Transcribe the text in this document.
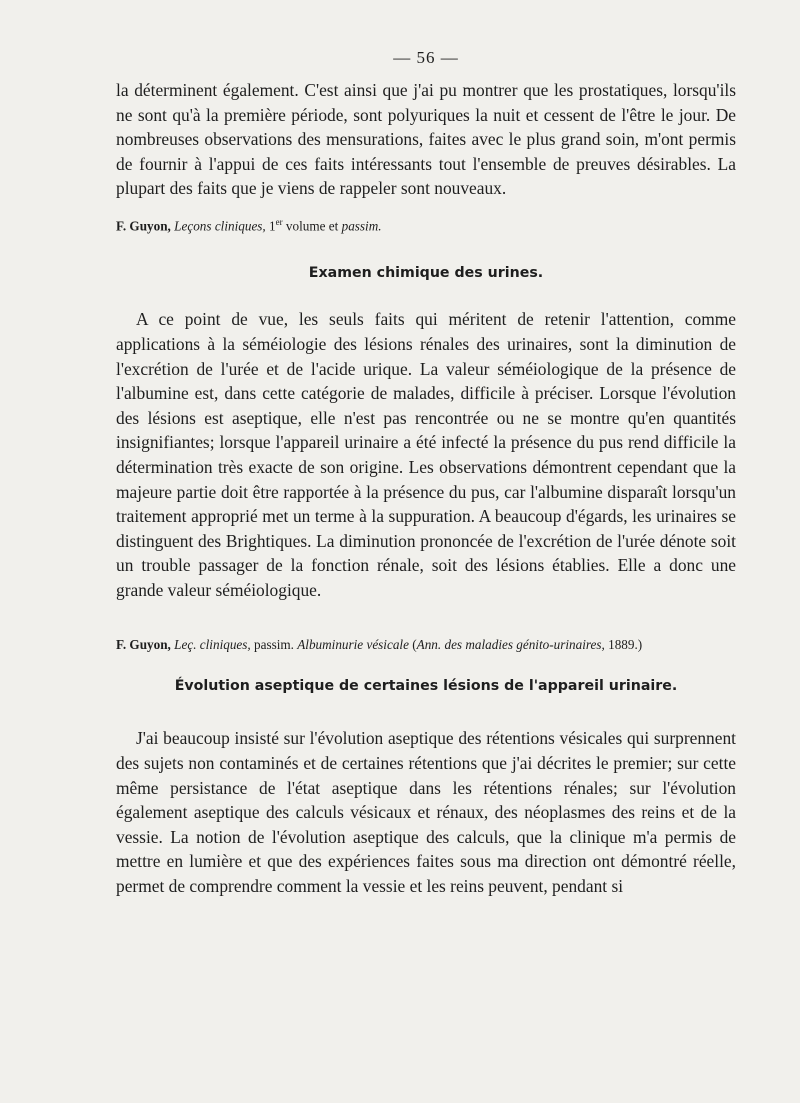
— 56 —

la déterminent également. C'est ainsi que j'ai pu montrer que les prostatiques, lorsqu'ils ne sont qu'à la première période, sont polyuriques la nuit et cessent de l'être le jour. De nombreuses observations des mensurations, faites avec le plus grand soin, m'ont permis de fournir à l'appui de ces faits intéressants tout l'ensemble de preuves désirables. La plupart des faits que je viens de rappeler sont nouveaux.

F. Guyon, Leçons cliniques, 1er volume et passim.

Examen chimique des urines.

A ce point de vue, les seuls faits qui méritent de retenir l'attention, comme applications à la séméiologie des lésions rénales des urinaires, sont la diminution de l'excrétion de l'urée et de l'acide urique. La valeur séméiologique de la présence de l'albumine est, dans cette catégorie de malades, difficile à préciser. Lorsque l'évolution des lésions est aseptique, elle n'est pas rencontrée ou ne se montre qu'en quantités insignifiantes; lorsque l'appareil urinaire a été infecté la présence du pus rend difficile la détermination très exacte de son origine. Les observations démontrent cependant que la majeure partie doit être rapportée à la présence du pus, car l'albumine disparaît lorsqu'un traitement approprié met un terme à la suppuration. A beaucoup d'égards, les urinaires se distinguent des Brightiques. La diminution prononcée de l'excrétion de l'urée dénote soit un trouble passager de la fonction rénale, soit des lésions établies. Elle a donc une grande valeur séméiologique.

F. Guyon, Leç. cliniques, passim. Albuminurie vésicale (Ann. des maladies génito-urinaires, 1889.)

Évolution aseptique de certaines lésions de l'appareil urinaire.

J'ai beaucoup insisté sur l'évolution aseptique des rétentions vésicales qui surprennent des sujets non contaminés et de certaines rétentions que j'ai décrites le premier; sur cette même persistance de l'état aseptique dans les rétentions rénales; sur l'évolution également aseptique des calculs vésicaux et rénaux, des néoplasmes des reins et de la vessie. La notion de l'évolution aseptique des calculs, que la clinique m'a permis de mettre en lumière et que des expériences faites sous ma direction ont démontré réelle, permet de comprendre comment la vessie et les reins peuvent, pendant si
